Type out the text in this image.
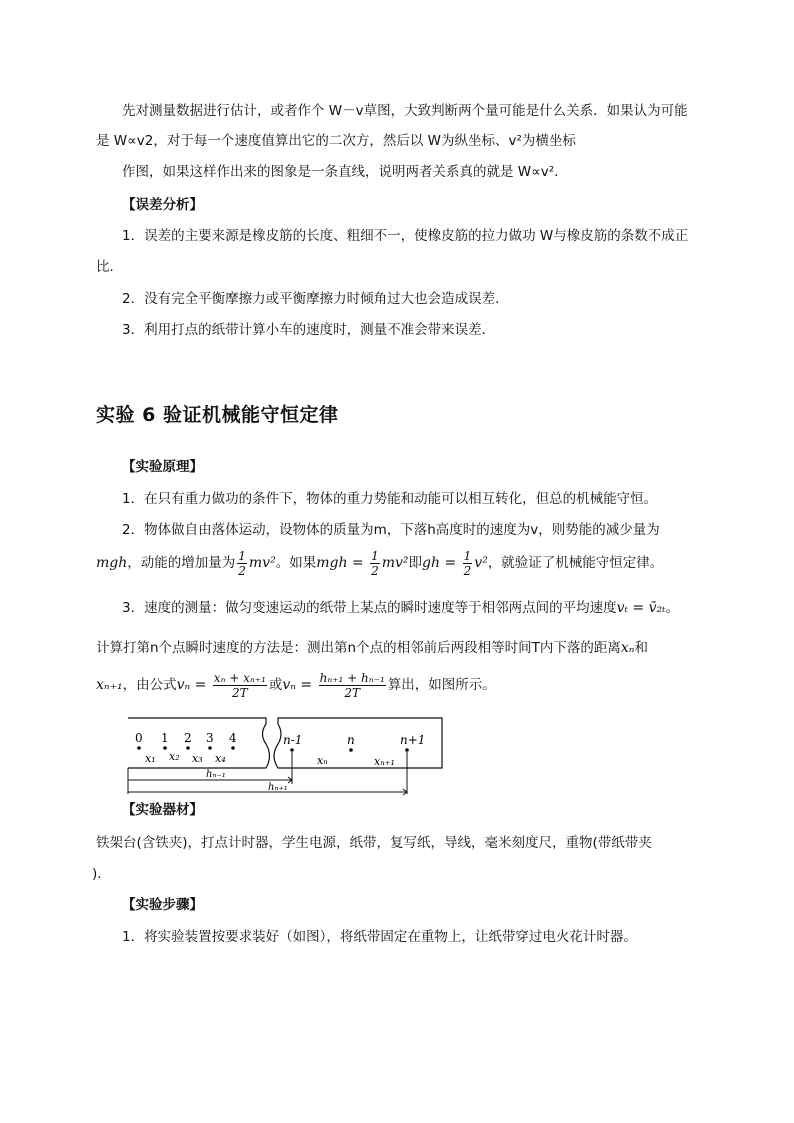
先对测量数据进行估计，或者作个 W－v草图，大致判断两个量可能是什么关系．如果认为可能
是 W∝v2，对于每一个速度值算出它的二次方，然后以 W为纵坐标、v²为横坐标
作图，如果这样作出来的图象是一条直线，说明两者关系真的就是 W∝v².
【误差分析】
1．误差的主要来源是橡皮筋的长度、粗细不一，使橡皮筋的拉力做功 W与橡皮筋的条数不成正
比．
2．没有完全平衡摩擦力或平衡摩擦力时倾角过大也会造成误差．
3．利用打点的纸带计算小车的速度时，测量不准会带来误差．
实验 6 验证机械能守恒定律
【实验原理】
1．在只有重力做功的条件下，物体的重力势能和动能可以相互转化，但总的机械能守恒。
2．物体做自由落体运动，设物体的质量为m，下落h高度时的速度为v，则势能的减少量为
mgh，动能的增加量为 $\frac{1}{2} mv^2$。如果mgh = $\frac{1}{2} mv^2$即gh = $\frac{1}{2} v^2$，就验证了机械能守恒定律。
3．速度的测量：做匀变速运动的纸带上某点的瞬时速度等于相邻两点间的平均速度vₜ = v̄₂ₜ。
计算打第n个点瞬时速度的方法是：测出第n个点的相邻前后两段相等时间T内下落的距离xₙ和
xₙ₊₁，由公式$v_n = \frac{\text{xₙ + xₙ₊₁}}{2T}$ 或$v_n = \frac{\text{hₙ₊₁ + hₙ₋₁}}{2T}$ 算出，如图所示。
0 1 2 3 4
x₁ x₂ x₃ x₄
n-1	n	n+1
xₙ	xₙ₊₁
hₙ₋₁
hₙ₊₁
【实验器材】
铁架台(含铁夹)，打点计时器，学生电源，纸带，复写纸，导线，毫米刻度尺，重物(带纸带夹
)．
【实验步骤】
1．将实验装置按要求装好（如图），将纸带固定在重物上，让纸带穿过电火花计时器。
